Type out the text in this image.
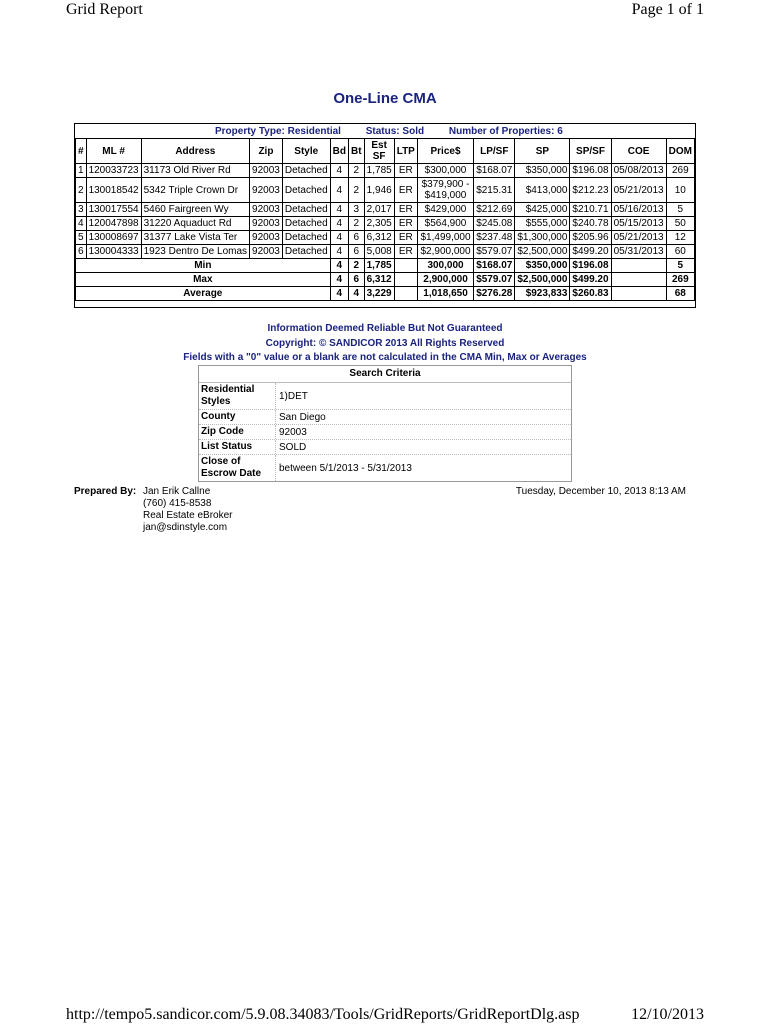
Grid Report	Page 1 of 1
One-Line CMA
Property Type: Residential Status: Sold Number of Properties: 6
#	ML #	Address	Zip	Style	Bd	Bt	Est SF	LTP	Price$	LP/SF	SP	SP/SF	COE	DOM
1	120033723	31173 Old River Rd	92003	Detached	4	2	1,785	ER	$300,000	$168.07	$350,000	$196.08	05/08/2013	269
2	130018542	5342 Triple Crown Dr	92003	Detached	4	2	1,946	ER	$379,900 - $419,000	$215.31	$413,000	$212.23	05/21/2013	10
3	130017554	5460 Fairgreen Wy	92003	Detached	4	3	2,017	ER	$429,000	$212.69	$425,000	$210.71	05/16/2013	5
4	120047898	31220 Aquaduct Rd	92003	Detached	4	2	2,305	ER	$564,900	$245.08	$555,000	$240.78	05/15/2013	50
5	130008697	31377 Lake Vista Ter	92003	Detached	4	6	6,312	ER	$1,499,000	$237.48	$1,300,000	$205.96	05/21/2013	12
6	130004333	1923 Dentro De Lomas	92003	Detached	4	6	5,008	ER	$2,900,000	$579.07	$2,500,000	$499.20	05/31/2013	60
Min					4	2	1,785		300,000	$168.07	$350,000	$196.08		5
Max					4	6	6,312		2,900,000	$579.07	$2,500,000	$499.20		269
Average					4	4	3,229		1,018,650	$276.28	$923,833	$260.83		68
Information Deemed Reliable But Not Guaranteed
Copyright: © SANDICOR 2013 All Rights Reserved
Fields with a "0" value or a blank are not calculated in the CMA Min, Max or Averages
Search Criteria
Residential Styles	1)DET
County	San Diego
Zip Code	92003
List Status	SOLD
Close of Escrow Date	between 5/1/2013 - 5/31/2013
Prepared By: Jan Erik Callne
(760) 415-8538
Real Estate eBroker
jan@sdinstyle.com
Tuesday, December 10, 2013 8:13 AM
http://tempo5.sandicor.com/5.9.08.34083/Tools/GridReports/GridReportDlg.asp	12/10/2013
